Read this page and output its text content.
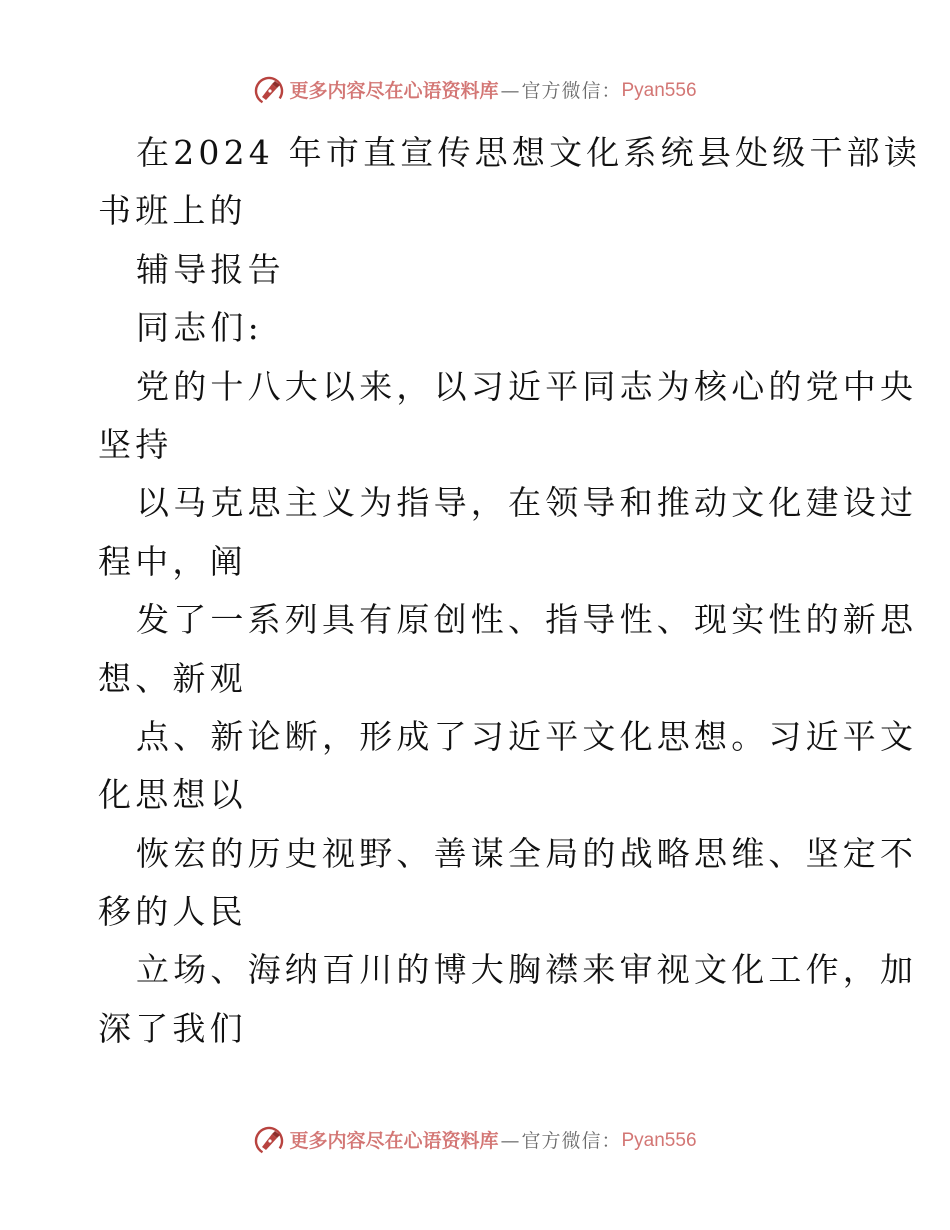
更多内容尽在心语资料库 — 官方微信： Pyan556
在2024 年市直宣传思想文化系统县处级干部读
书班上的
辅导报告
同志们:
党的十八大以来，以习近平同志为核心的党中央
坚持
以马克思主义为指导，在领导和推动文化建设过
程中，阐
发了一系列具有原创性、指导性、现实性的新思
想、新观
点、新论断，形成了习近平文化思想。习近平文
化思想以
恢宏的历史视野、善谋全局的战略思维、坚定不
移的人民
立场、海纳百川的博大胸襟来审视文化工作，加
深了我们
更多内容尽在心语资料库 — 官方微信： Pyan556
